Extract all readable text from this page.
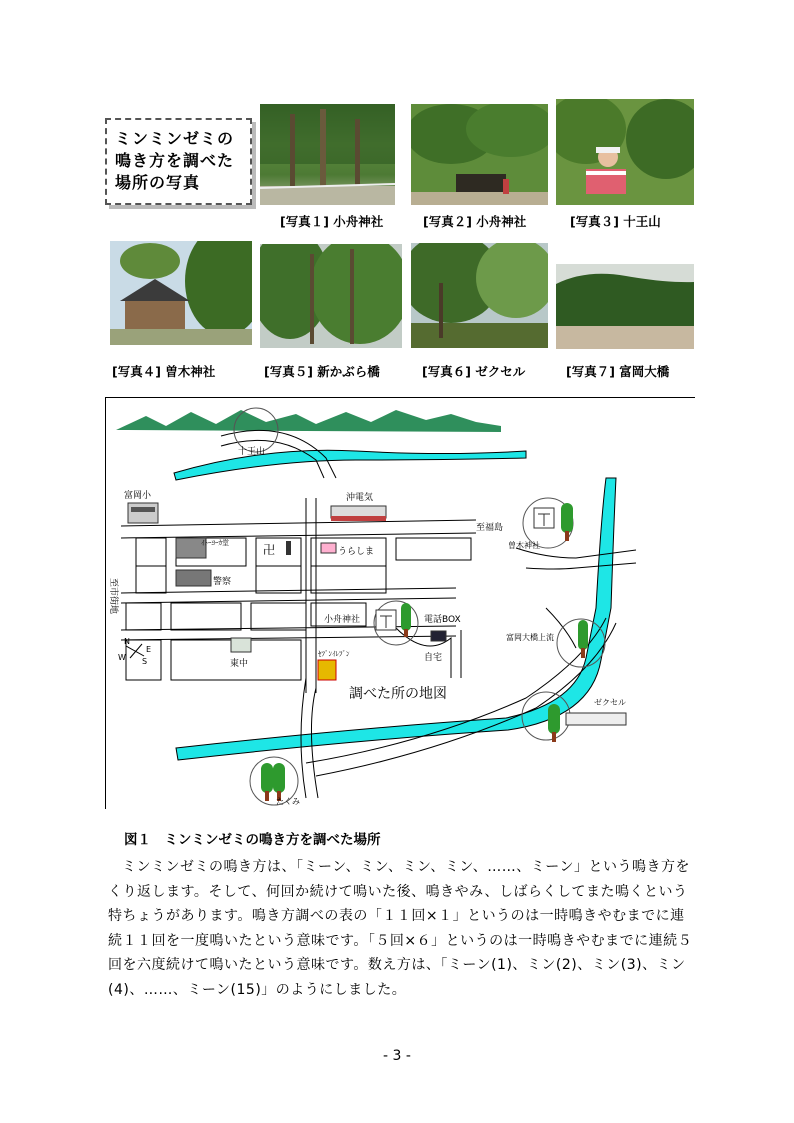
ミンミンゼミの
鳴き方を調べた
場所の写真
[写真１] 小舟神社	[写真２] 小舟神社	[写真３] 十王山
[写真４] 曽木神社	[写真５] 新かぶら橋	[写真６] ゼクセル	[写真７] 富岡大橋
N
S
E
W
十王山
富岡小	沖電気
ｲﾄｰﾖｰｶ堂	卍	うらしま
警察
小舟神社	電話BOX
自宅
東中
ｾﾌﾞﾝｲﾚﾌﾞﾝ
調べた所の地図
至福島
至市街地
曽木神社
富岡大橋上流
ゼクセル
たくみ
図１　ミンミンゼミの鳴き方を調べた場所
ミンミンゼミの鳴き方は、「ミーン、ミン、ミン、ミン、……、ミーン」という鳴き方をくり返します。そして、何回か続けて鳴いた後、鳴きやみ、しばらくしてまた鳴くという特ちょうがあります。鳴き方調べの表の「１１回×１」というのは一時鳴きやむまでに連続１１回を一度鳴いたという意味です。「５回×６」というのは一時鳴きやむまでに連続５回を六度続けて鳴いたという意味です。数え方は、「ミーン(1)、ミン(2)、ミン(3)、ミン(4)、……、ミーン(15)」のようにしました。
- 3 -
